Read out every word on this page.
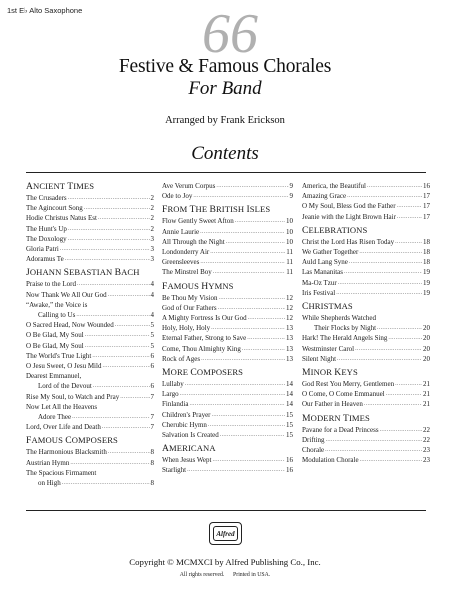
1st E♭ Alto Saxophone 66
Festive & Famous Chorales
For Band
Arranged by Frank Erickson
Contents
ANCIENT TIMES
The Crusaders .....	2
The Agincourt Song .....	2
Hodie Christus Natus Est .....	2
The Hunt's Up .....	2
The Doxology .....	3
Gloria Patri .....	3
Adoramus Te .....	3
JOHANN SEBASTIAN BACH
Praise to the Lord .....	4
Now Thank We All Our God .....	4
“Awake,” the Voice is
Calling to Us .....	4
O Sacred Head, Now Wounded .....	5
O Be Glad, My Soul .....	5
O Be Glad, My Soul .....	5
The World's True Light .....	6
O Jesu Sweet, O Jesu Mild .....	6
Dearest Emmanuel,
Lord of the Devout .....	6
Rise My Soul, to Watch and Pray .....	7
Now Let All the Heavens
Adore Thee .....	7
Lord, Over Life and Death .....	7
FAMOUS COMPOSERS
The Harmonious Blacksmith .....	8
Austrian Hymn .....	8
The Spacious Firmament
on High .....	8
Ave Verum Corpus .....	9
Ode to Joy .....	9
FROM THE BRITISH ISLES
Flow Gently Sweet Afton .....	10
Annie Laurie .....	10
All Through the Night .....	10
Londonderry Air .....	11
Greensleeves .....	11
The Minstrel Boy .....	11
FAMOUS HYMNS
Be Thou My Vision .....	12
God of Our Fathers .....	12
A Mighty Fortress Is Our God .....	12
Holy, Holy, Holy .....	13
Eternal Father, Strong to Save .....	13
Come, Thou Almighty King .....	13
Rock of Ages .....	13
MORE COMPOSERS
Lullaby .....	14
Largo .....	14
Finlandia .....	14
Children's Prayer .....	15
Cherubic Hymn .....	15
Salvation Is Created .....	15
AMERICANA
When Jesus Wept .....	16
Starlight .....	16
America, the Beautiful .....	16
Amazing Grace .....	17
O My Soul, Bless God the Father .....	17
Jeanie with the Light Brown Hair .....	17
CELEBRATIONS
Christ the Lord Has Risen Today .....	18
We Gather Together .....	18
Auld Lang Syne .....	18
Las Mananitas .....	19
Ma-Oz Tzur .....	19
Iris Festival .....	19
CHRISTMAS
While Shepherds Watched
Their Flocks by Night .....	20
Hark! The Herald Angels Sing .....	20
Westminster Carol .....	20
Silent Night .....	20
MINOR KEYS
God Rest You Merry, Gentlemen .....	21
O Come, O Come Emmanuel .....	21
Our Father in Heaven .....	21
MODERN TIMES
Pavane for a Dead Princess .....	22
Drifting .....	22
Chorale .....	23
Modulation Chorale .....	23
Alfred
Copyright © MCMXCI by Alfred Publishing Co., Inc.
All rights reserved.      Printed in USA.
